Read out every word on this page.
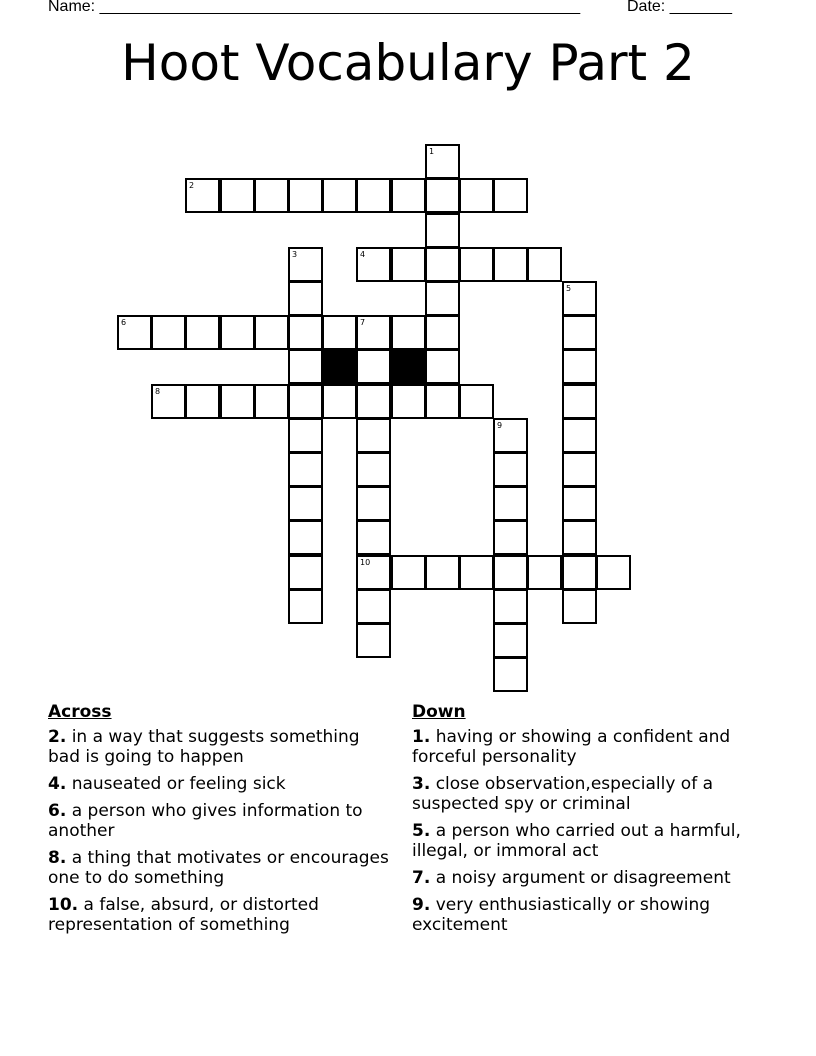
Name: ______________________________________________________	Date: _______
Hoot Vocabulary Part 2
1
2
3	4
5
6	7
8
9
10
Across
2. in a way that suggests something bad is going to happen
4. nauseated or feeling sick
6. a person who gives information to another
8. a thing that motivates or encourages one to do something
10. a false, absurd, or distorted representation of something
Down
1. having or showing a confident and forceful personality
3. close observation,especially of a suspected spy or criminal
5. a person who carried out a harmful, illegal, or immoral act
7. a noisy argument or disagreement
9. very enthusiastically or showing excitement
